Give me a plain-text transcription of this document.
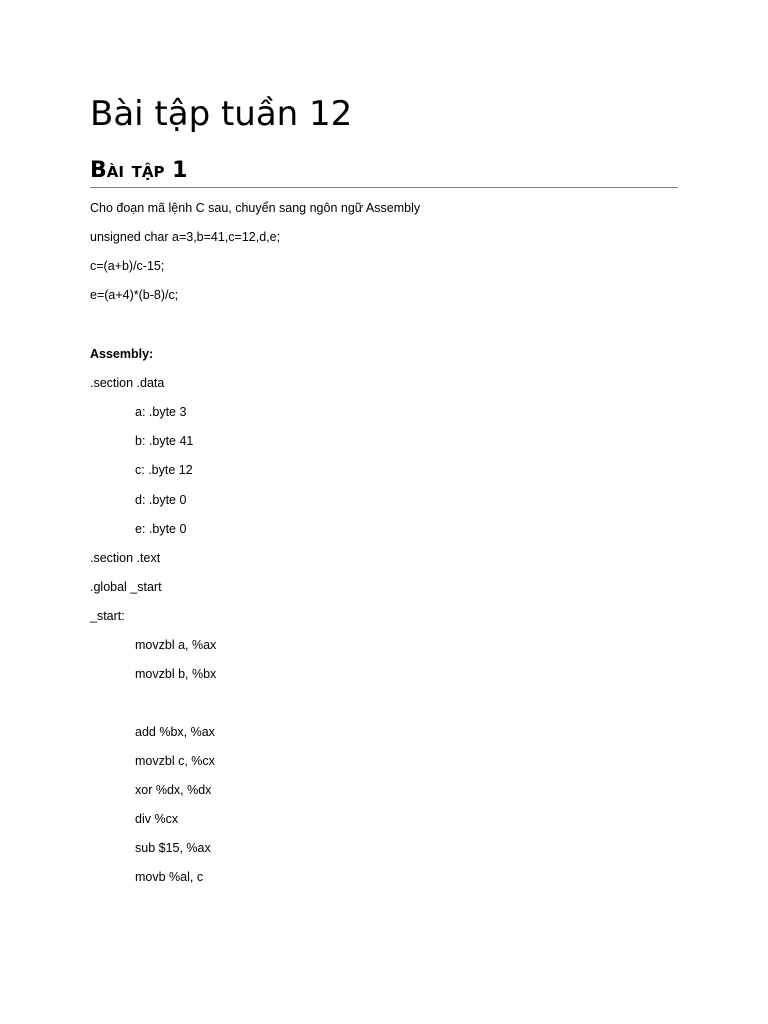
Bài tập tuần 12
Bài tập 1

Cho đoạn mã lệnh C sau, chuyển sang ngôn ngữ Assembly

unsigned char a=3,b=41,c=12,d,e;

c=(a+b)/c-15;

e=(a+4)*(b-8)/c;

Assembly:

.section .data

a: .byte 3

b: .byte 41

c: .byte 12

d: .byte 0

e: .byte 0

.section .text

.global _start

_start:

movzbl a, %ax

movzbl b, %bx

add %bx, %ax

movzbl c, %cx

xor %dx, %dx

div %cx

sub $15, %ax

movb %al, c
